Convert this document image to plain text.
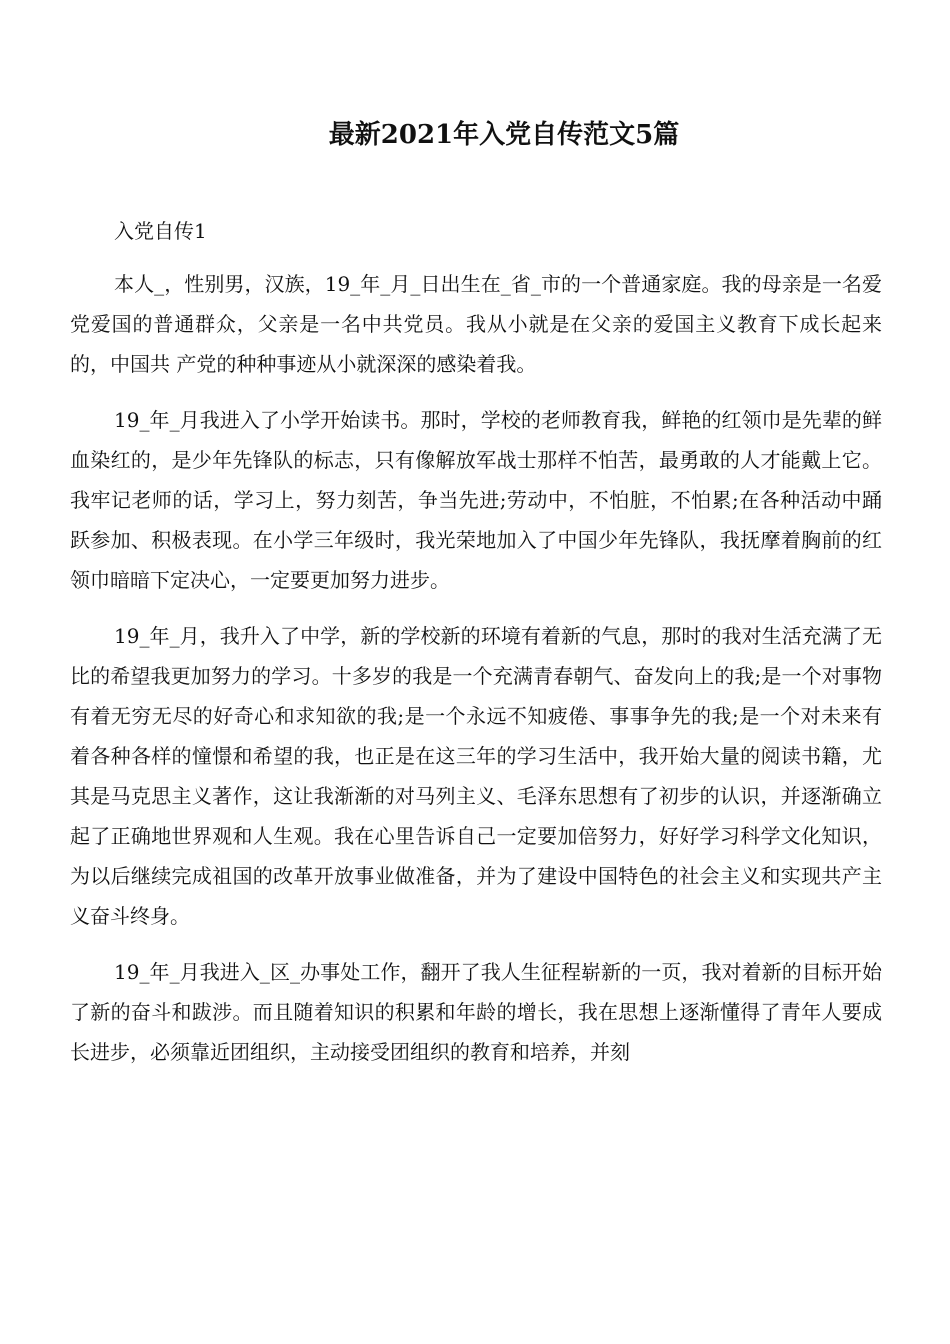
最新2021年入党自传范文5篇
入党自传1

本人_，性别男，汉族，19_年_月_日出生在_省_市的一个普通家庭。我的母亲是一名爱党爱国的普通群众，父亲是一名中共党员。我从小就是在父亲的爱国主义教育下成长起来的，中国共 产党的种种事迹从小就深深的感染着我。

19_年_月我进入了小学开始读书。那时，学校的老师教育我，鲜艳的红领巾是先辈的鲜血染红的，是少年先锋队的标志，只有像解放军战士那样不怕苦，最勇敢的人才能戴上它。我牢记老师的话，学习上，努力刻苦，争当先进;劳动中，不怕脏，不怕累;在各种活动中踊跃参加、积极表现。在小学三年级时，我光荣地加入了中国少年先锋队，我抚摩着胸前的红领巾暗暗下定决心，一定要更加努力进步。

19_年_月，我升入了中学，新的学校新的环境有着新的气息，那时的我对生活充满了无比的希望我更加努力的学习。十多岁的我是一个充满青春朝气、奋发向上的我;是一个对事物有着无穷无尽的好奇心和求知欲的我;是一个永远不知疲倦、事事争先的我;是一个对未来有着各种各样的憧憬和希望的我，也正是在这三年的学习生活中，我开始大量的阅读书籍，尤其是马克思主义著作，这让我渐渐的对马列主义、毛泽东思想有了初步的认识，并逐渐确立起了正确地世界观和人生观。我在心里告诉自己一定要加倍努力，好好学习科学文化知识，为以后继续完成祖国的改革开放事业做准备，并为了建设中国特色的社会主义和实现共产主义奋斗终身。

19_年_月我进入_区_办事处工作，翻开了我人生征程崭新的一页，我对着新的目标开始了新的奋斗和跋涉。而且随着知识的积累和年龄的增长，我在思想上逐渐懂得了青年人要成长进步，必须靠近团组织，主动接受团组织的教育和培养，并刻
